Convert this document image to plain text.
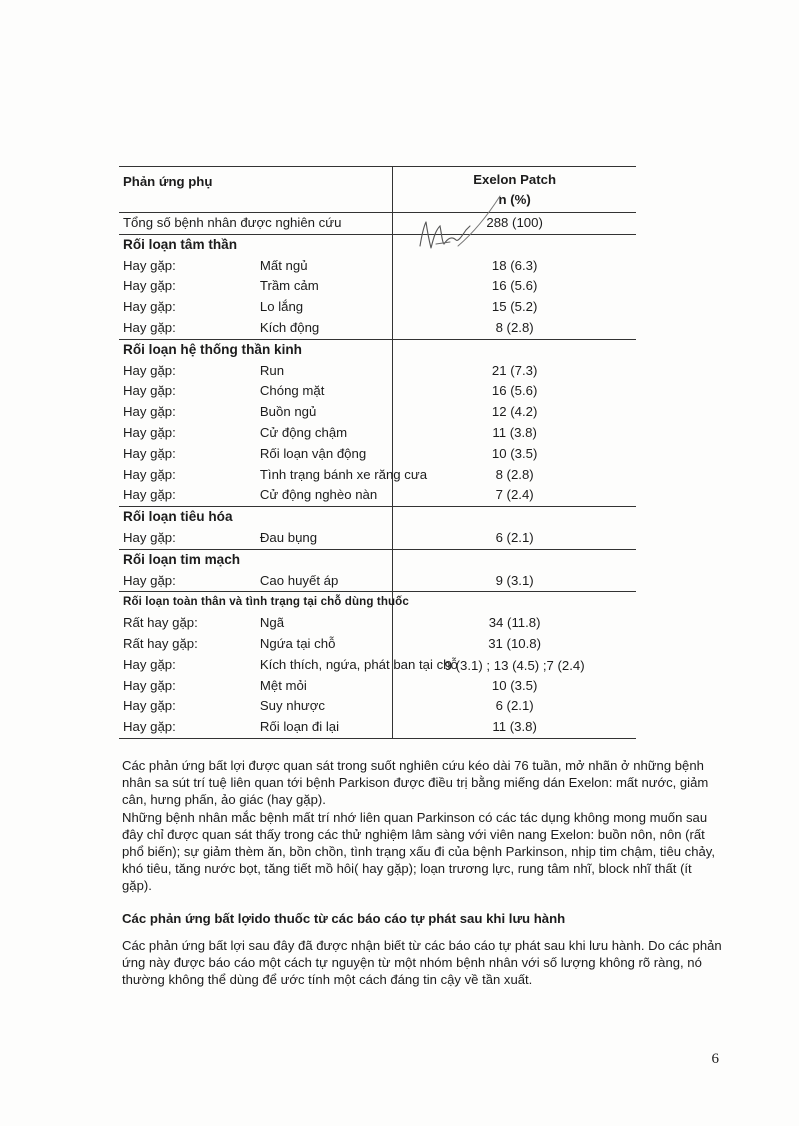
Phản ứng phụ		Exelon Patch
n (%)

Tổng số bệnh nhân được nghiên cứu		288 (100)
Rối loạn tâm thần		
Hay gặp:	Mất ngủ	18 (6.3)
Hay gặp:	Trầm cảm	16 (5.6)
Hay gặp:	Lo lắng	15 (5.2)
Hay gặp:	Kích động	8 (2.8)
Rối loạn hệ thống thần kinh		
Hay gặp:	Run	21 (7.3)
Hay gặp:	Chóng mặt	16 (5.6)
Hay gặp:	Buồn ngủ	12 (4.2)
Hay gặp:	Cử động chậm	11 (3.8)
Hay gặp:	Rối loạn vận động	10 (3.5)
Hay gặp:	Tình trạng bánh xe răng cưa	8 (2.8)
Hay gặp:	Cử động nghèo nàn	7 (2.4)
Rối loạn tiêu hóa		
Hay gặp:	Đau bụng	6 (2.1)
Rối loạn tim mạch		
Hay gặp:	Cao huyết áp	9 (3.1)
Rối loạn toàn thân và tình trạng tại chỗ dùng thuốc		
Rất hay gặp:	Ngã	34 (11.8)
Rất hay gặp:	Ngứa tại chỗ	31 (10.8)
Hay gặp:	Kích thích, ngứa, phát ban tại chỗ	9 (3.1) ; 13 (4.5) ;7 (2.4)
Hay gặp:	Mệt mỏi	10 (3.5)
Hay gặp:	Suy nhược	6 (2.1)
Hay gặp:	Rối loạn đi lại	11 (3.8)

Các phản ứng bất lợi được quan sát trong suốt nghiên cứu kéo dài 76 tuần, mở nhãn ở những bệnh nhân sa sút trí tuệ liên quan tới bệnh Parkison được điều trị bằng miếng dán Exelon: mất nước, giảm cân, hưng phấn, ảo giác (hay gặp).

Những bệnh nhân mắc bệnh mất trí nhớ liên quan Parkinson có các tác dụng không mong muốn sau đây chỉ được quan sát thấy trong các thử nghiệm lâm sàng với viên nang Exelon: buồn nôn, nôn (rất phổ biến); sự giảm thèm ăn, bồn chồn, tình trạng xấu đi của bệnh Parkinson, nhịp tim chậm, tiêu chảy, khó tiêu, tăng nước bọt, tăng tiết mồ hôi( hay gặp); loạn trương lực, rung tâm nhĩ, block nhĩ thất (ít gặp).

Các phản ứng bất lợido thuốc từ các báo cáo tự phát sau khi lưu hành

Các phản ứng bất lợi sau đây đã được nhận biết từ các báo cáo tự phát sau khi lưu hành. Do các phản ứng này được báo cáo một cách tự nguyện từ một nhóm bệnh nhân với số lượng không rõ ràng, nó thường không thể dùng để ước tính một cách đáng tin cậy về tần xuất.

6
